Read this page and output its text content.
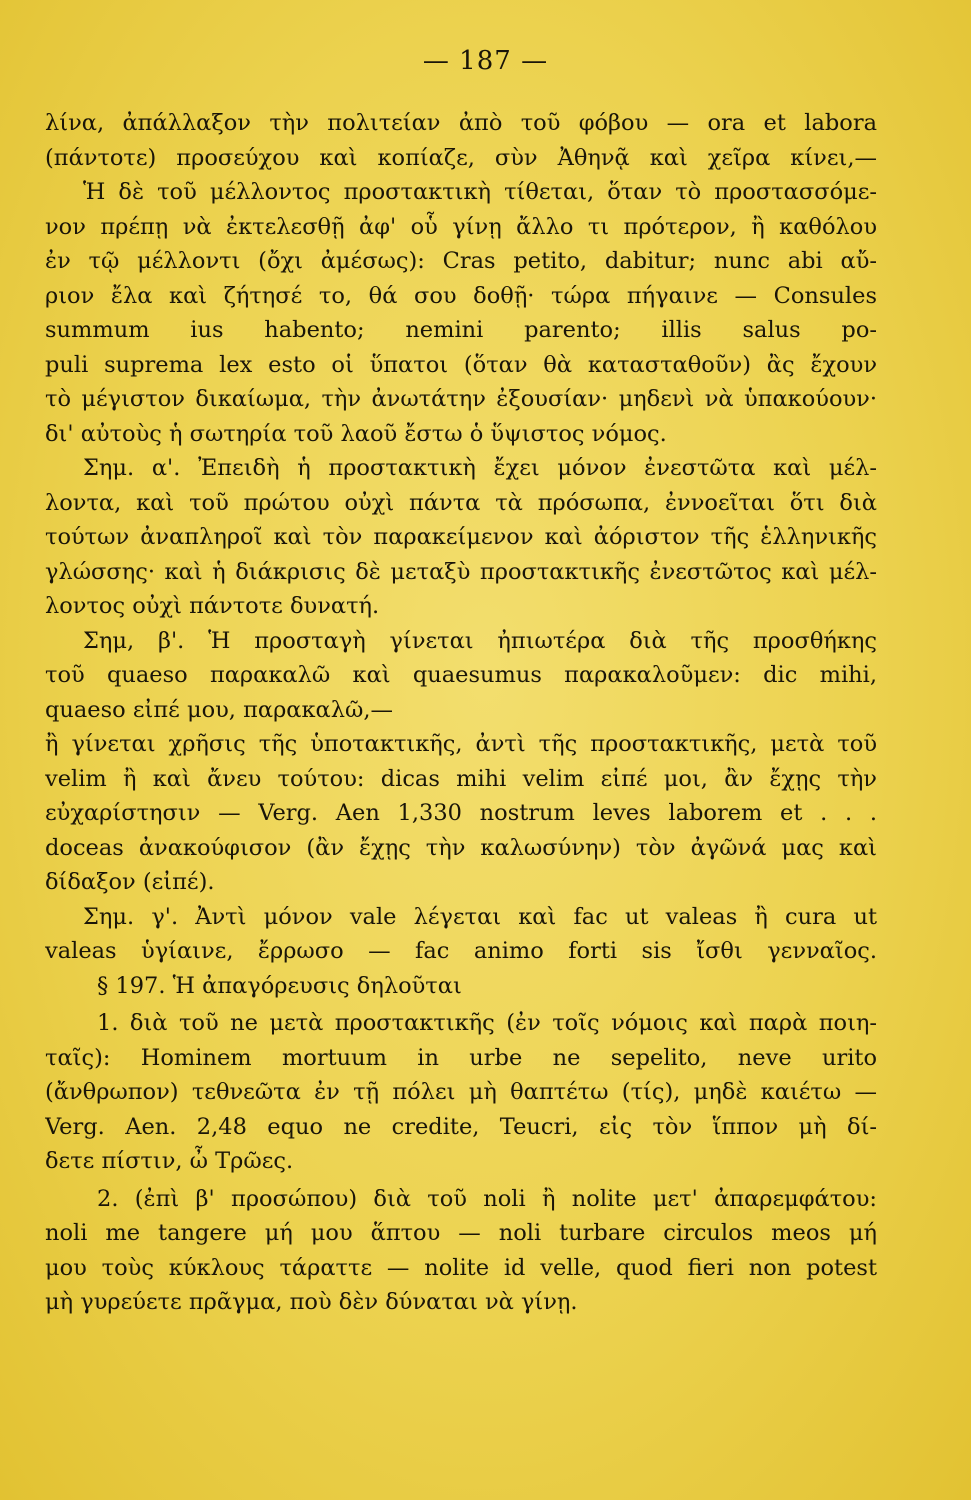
— 187 —
λίνα, ἀπάλλαξον τὴν πολιτείαν ἀπὸ τοῦ φόβου — ora et labora
(πάντοτε) προσεύχου καὶ κοπίαζε, σὺν Ἀθηνᾷ καὶ χεῖρα κίνει,—
Ἡ δὲ τοῦ μέλλοντος προστακτικὴ τίθεται, ὅταν τὸ προστασσόμε-
νον πρέπῃ νὰ ἐκτελεσθῇ ἀφ' οὗ γίνῃ ἄλλο τι πρότερον, ἢ καθόλου
ἐν τῷ μέλλοντι (ὄχι ἀμέσως): Cras petito, dabitur; nunc abi αὔ-
ριον ἔλα καὶ ζήτησέ το, θά σου δοθῇ· τώρα πήγαινε — Consules
summum ius habento; nemini parento; illis salus po-
puli suprema lex esto οἱ ὕπατοι (ὅταν θὰ κατασταθοῦν) ἂς ἔχουν
τὸ μέγιστον δικαίωμα, τὴν ἀνωτάτην ἐξουσίαν· μηδενὶ νὰ ὑπακούουν·
δι' αὐτοὺς ἡ σωτηρία τοῦ λαοῦ ἔστω ὁ ὕψιστος νόμος.
Σημ. α'. Ἐπειδὴ ἡ προστακτικὴ ἔχει μόνον ἐνεστῶτα καὶ μέλ-
λοντα, καὶ τοῦ πρώτου οὐχὶ πάντα τὰ πρόσωπα, ἐννοεῖται ὅτι διὰ
τούτων ἀναπληροῖ καὶ τὸν παρακείμενον καὶ ἀόριστον τῆς ἑλληνικῆς
γλώσσης· καὶ ἡ διάκρισις δὲ μεταξὺ προστακτικῆς ἐνεστῶτος καὶ μέλ-
λοντος οὐχὶ πάντοτε δυνατή.
Σημ, β'. Ἡ προσταγὴ γίνεται ἠπιωτέρα διὰ τῆς προσθήκης
τοῦ quaeso παρακαλῶ καὶ quaesumus παρακαλοῦμεν: dic mihi,
quaeso εἰπέ μου, παρακαλῶ,—
ἢ γίνεται χρῆσις τῆς ὑποτακτικῆς, ἀντὶ τῆς προστακτικῆς, μετὰ τοῦ
velim ἢ καὶ ἄνευ τούτου: dicas mihi velim εἰπέ μοι, ἂν ἔχῃς τὴν
εὐχαρίστησιν — Verg. Aen 1,330 nostrum leves laborem et . . .
doceas ἀνακούφισον (ἂν ἔχῃς τὴν καλωσύνην) τὸν ἀγῶνά μας καὶ
δίδαξον (εἰπέ).
Σημ. γ'. Ἀντὶ μόνον vale λέγεται καὶ fac ut valeas ἢ cura ut
valeas ὑγίαινε, ἔρρωσο — fac animo forti sis ἴσθι γενναῖος.
§ 197. Ἡ ἀπαγόρευσις δηλοῦται
1. διὰ τοῦ ne μετὰ προστακτικῆς (ἐν τοῖς νόμοις καὶ παρὰ ποιη-
ταῖς): Hominem mortuum in urbe ne sepelito, neve urito
(ἄνθρωπον) τεθνεῶτα ἐν τῇ πόλει μὴ θαπτέτω (τίς), μηδὲ καιέτω —
Verg. Aen. 2,48 equo ne credite, Teucri, εἰς τὸν ἵππον μὴ δί-
δετε πίστιν, ὦ Τρῶες.
2. (ἐπὶ β' προσώπου) διὰ τοῦ noli ἢ nolite μετ' ἀπαρεμφάτου:
noli me tangere μή μου ἅπτου — noli turbare circulos meos μή
μου τοὺς κύκλους τάραττε — nolite id velle, quod fieri non potest
μὴ γυρεύετε πρᾶγμα, ποὺ δὲν δύναται νὰ γίνῃ.
